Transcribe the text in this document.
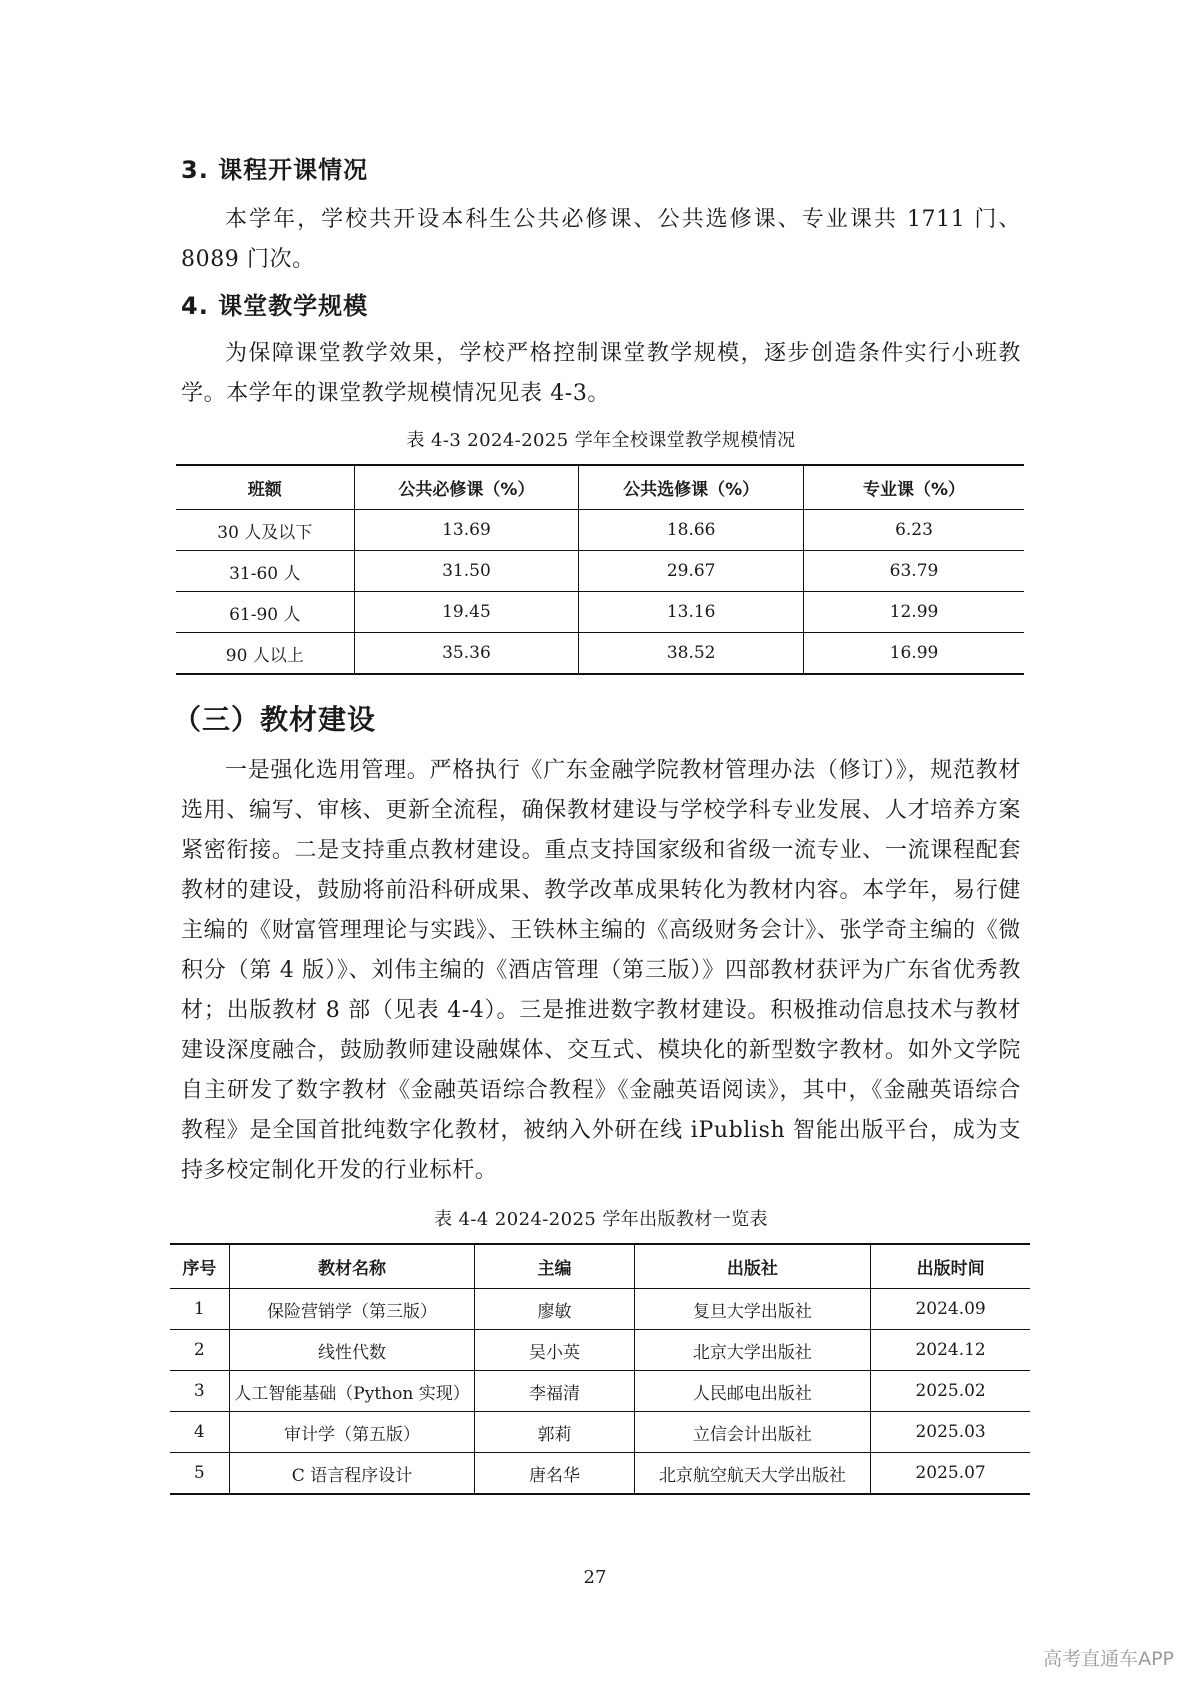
3. 课程开课情况

本学年，学校共开设本科生公共必修课、公共选修课、专业课共 1711 门、8089 门次。

4. 课堂教学规模

为保障课堂教学效果，学校严格控制课堂教学规模，逐步创造条件实行小班教学。本学年的课堂教学规模情况见表 4-3。

表 4-3 2024-2025 学年全校课堂教学规模情况
班额	公共必修课（%）	公共选修课（%）	专业课（%）
30 人及以下	13.69	18.66	6.23
31-60 人	31.50	29.67	63.79
61-90 人	19.45	13.16	12.99
90 人以上	35.36	38.52	16.99
（三）教材建设

一是强化选用管理。严格执行《广东金融学院教材管理办法（修订）》，规范教材选用、编写、审核、更新全流程，确保教材建设与学校学科专业发展、人才培养方案紧密衔接。二是支持重点教材建设。重点支持国家级和省级一流专业、一流课程配套教材的建设，鼓励将前沿科研成果、教学改革成果转化为教材内容。本学年，易行健主编的《财富管理理论与实践》、王铁林主编的《高级财务会计》、张学奇主编的《微积分（第 4 版）》、刘伟主编的《酒店管理（第三版）》四部教材获评为广东省优秀教材；出版教材 8 部（见表 4-4）。三是推进数字教材建设。积极推动信息技术与教材建设深度融合，鼓励教师建设融媒体、交互式、模块化的新型数字教材。如外文学院自主研发了数字教材《金融英语综合教程》《金融英语阅读》，其中，《金融英语综合教程》是全国首批纯数字化教材，被纳入外研在线 iPublish 智能出版平台，成为支持多校定制化开发的行业标杆。

表 4-4 2024-2025 学年出版教材一览表
序号	教材名称	主编	出版社	出版时间
1	保险营销学（第三版）	廖敏	复旦大学出版社	2024.09
2	线性代数	吴小英	北京大学出版社	2024.12
3	人工智能基础（Python 实现）	李福清	人民邮电出版社	2025.02
4	审计学（第五版）	郭莉	立信会计出版社	2025.03
5	C 语言程序设计	唐名华	北京航空航天大学出版社	2025.07
27
高考直通车APP
